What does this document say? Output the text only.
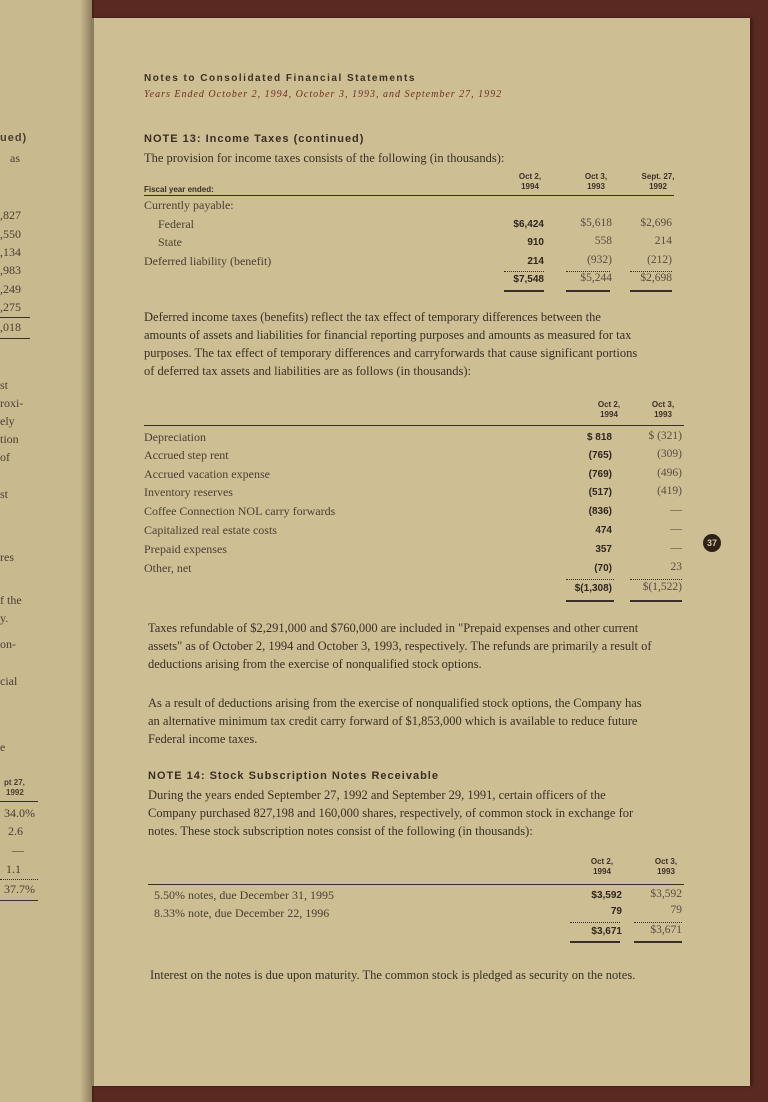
ued)
as
,827
,550
,134
,983
,249
,275
,018
st
roxi-
ely
tion
of
st
res
f the
y.
on-
cial
e
pt 27,
1992
34.0%
2.6
—
1.1
37.7%
Notes to Consolidated Financial Statements
Years Ended October 2, 1994, October 3, 1993, and September 27, 1992
NOTE 13: Income Taxes (continued)
The provision for income taxes consists of the following (in thousands):
Fiscal year ended:
Oct 2,
1994
Oct 3,
1993
Sept. 27,
1992
Currently payable:
Federal	$6,424	$5,618	$2,696
State	910	558	214
Deferred liability (benefit)	214	(932)	(212)
$7,548	$5,244	$2,698
Deferred income taxes (benefits) reflect the tax effect of temporary differences between the amounts of assets and liabilities for financial reporting purposes and amounts as measured for tax purposes. The tax effect of temporary differences and carryforwards that cause significant portions of deferred tax assets and liabilities are as follows (in thousands):
Oct 2,
1994
Oct 3,
1993
Depreciation	$ 818	$ (321)
Accrued step rent	(765)	(309)
Accrued vacation expense	(769)	(496)
Inventory reserves	(517)	(419)
Coffee Connection NOL carry forwards	(836)	—
Capitalized real estate costs	474	—
Prepaid expenses	357	—
Other, net	(70)	23
$(1,308)	$(1,522)
Taxes refundable of $2,291,000 and $760,000 are included in "Prepaid expenses and other current assets" as of October 2, 1994 and October 3, 1993, respectively. The refunds are primarily a result of deductions arising from the exercise of nonqualified stock options.
As a result of deductions arising from the exercise of nonqualified stock options, the Company has an alternative minimum tax credit carry forward of $1,853,000 which is available to reduce future Federal income taxes.
NOTE 14: Stock Subscription Notes Receivable
During the years ended September 27, 1992 and September 29, 1991, certain officers of the Company purchased 827,198 and 160,000 shares, respectively, of common stock in exchange for notes. These stock subscription notes consist of the following (in thousands):
Oct 2,
1994
Oct 3,
1993
5.50% notes, due December 31, 1995	$3,592	$3,592
8.33% note, due December 22, 1996	79	79
$3,671	$3,671
Interest on the notes is due upon maturity. The common stock is pledged as security on the notes.
37
